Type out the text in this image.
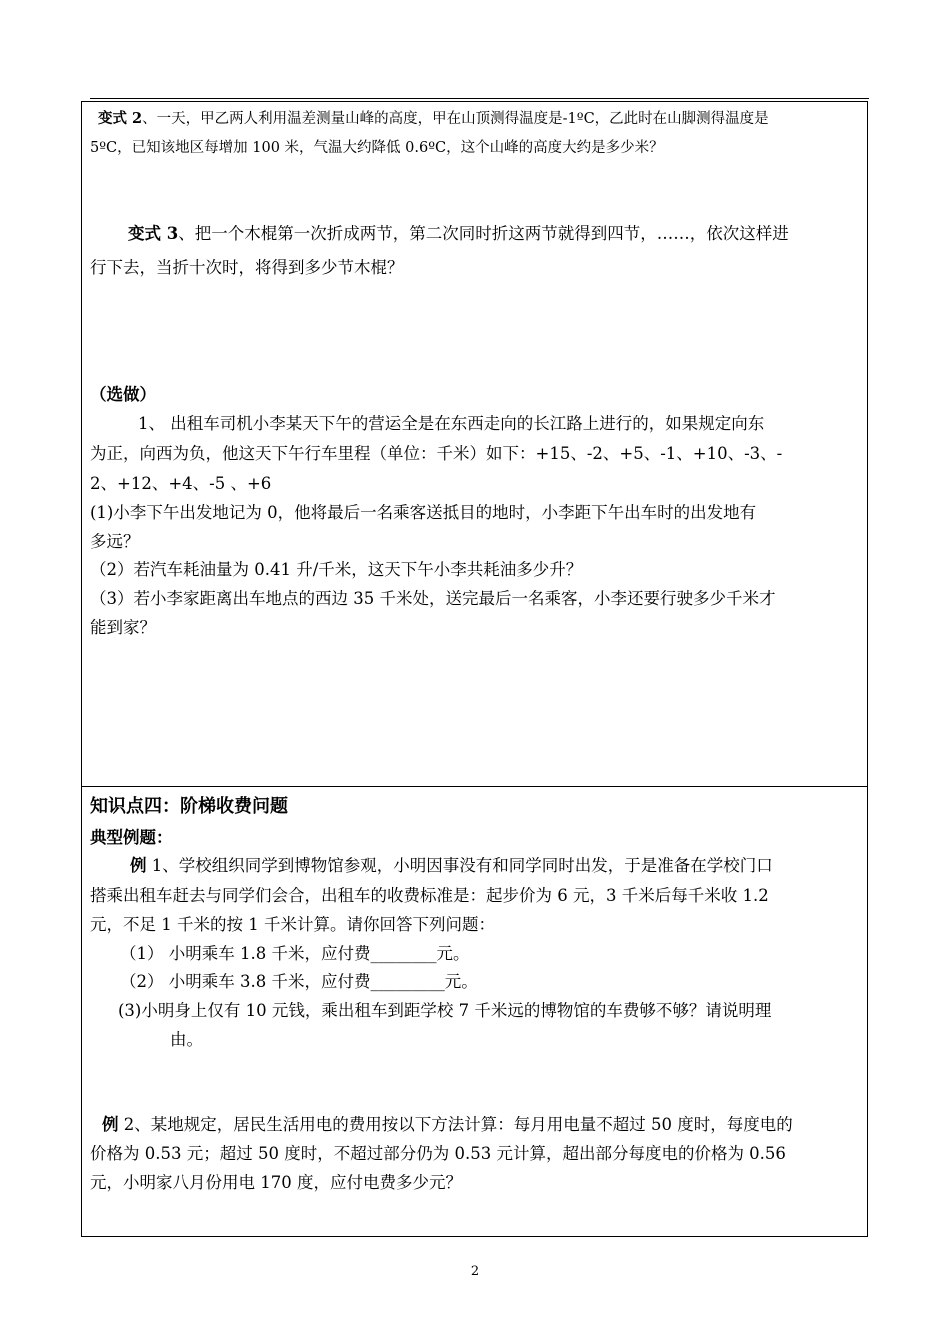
变式 2、一天，甲乙两人利用温差测量山峰的高度，甲在山顶测得温度是-1ºC，乙此时在山脚测得温度是
5ºC，已知该地区每增加 100 米，气温大约降低 0.6ºC，这个山峰的高度大约是多少米？
变式 3、把一个木棍第一次折成两节，第二次同时折这两节就得到四节，……，依次这样进
行下去，当折十次时，将得到多少节木棍？
（选做）
1、 出租车司机小李某天下午的营运全是在东西走向的长江路上进行的，如果规定向东
为正，向西为负，他这天下午行车里程（单位：千米）如下：+15、-2、+5、-1、+10、-3、-
2、+12、+4、-5 、+6
(1)小李下午出发地记为 0，他将最后一名乘客送抵目的地时，小李距下午出车时的出发地有
多远？
（2）若汽车耗油量为 0.41 升/千米，这天下午小李共耗油多少升？
（3）若小李家距离出车地点的西边 35 千米处，送完最后一名乘客，小李还要行驶多少千米才
能到家？
知识点四：阶梯收费问题
典型例题：
例 1、学校组织同学到博物馆参观，小明因事没有和同学同时出发，于是准备在学校门口
搭乘出租车赶去与同学们会合，出租车的收费标准是：起步价为 6 元，3 千米后每千米收 1.2
元，不足 1 千米的按 1 千米计算。请你回答下列问题：
（1） 小明乘车 1.8 千米，应付费________元。
（2） 小明乘车 3.8 千米，应付费_________元。
(3)小明身上仅有 10 元钱，乘出租车到距学校 7 千米远的博物馆的车费够不够？请说明理
由。
例 2、某地规定，居民生活用电的费用按以下方法计算：每月用电量不超过 50 度时，每度电的
价格为 0.53 元；超过 50 度时，不超过部分仍为 0.53 元计算，超出部分每度电的价格为 0.56
元，小明家八月份用电 170 度，应付电费多少元？
2
